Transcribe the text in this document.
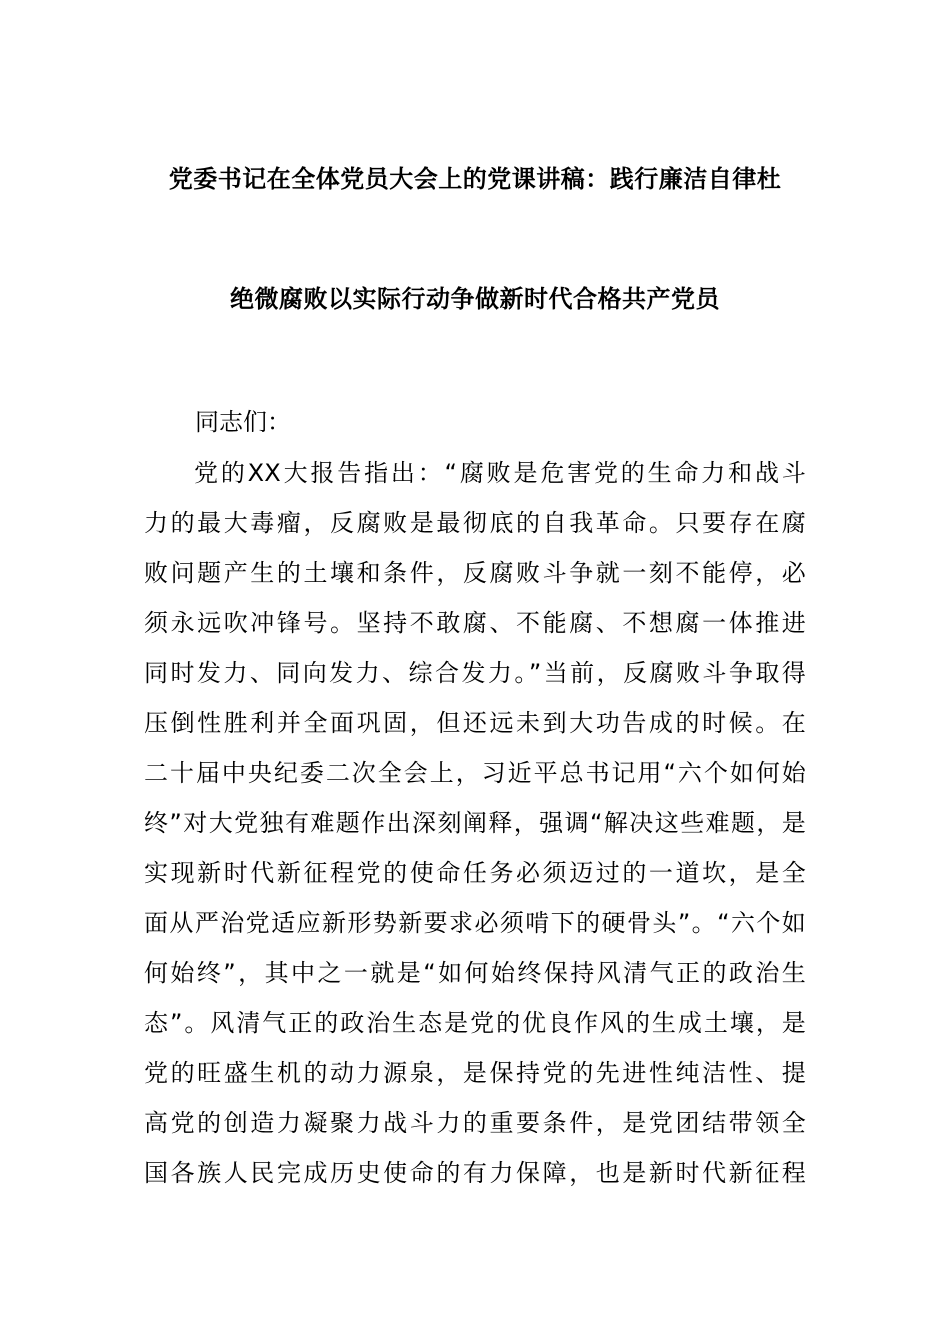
党委书记在全体党员大会上的党课讲稿：践行廉洁自律杜
绝微腐败以实际行动争做新时代合格共产党员
同志们：
党的XX大报告指出：“腐败是危害党的生命力和战斗
力的最大毒瘤，反腐败是最彻底的自我革命。只要存在腐
败问题产生的土壤和条件，反腐败斗争就一刻不能停，必
须永远吹冲锋号。坚持不敢腐、不能腐、不想腐一体推进
同时发力、同向发力、综合发力。”当前，反腐败斗争取得
压倒性胜利并全面巩固，但还远未到大功告成的时候。在
二十届中央纪委二次全会上，习近平总书记用“六个如何始
终”对大党独有难题作出深刻阐释，强调“解决这些难题，是
实现新时代新征程党的使命任务必须迈过的一道坎，是全
面从严治党适应新形势新要求必须啃下的硬骨头”。“六个如
何始终”，其中之一就是“如何始终保持风清气正的政治生
态”。风清气正的政治生态是党的优良作风的生成土壤，是
党的旺盛生机的动力源泉，是保持党的先进性纯洁性、提
高党的创造力凝聚力战斗力的重要条件，是党团结带领全
国各族人民完成历史使命的有力保障，也是新时代新征程
